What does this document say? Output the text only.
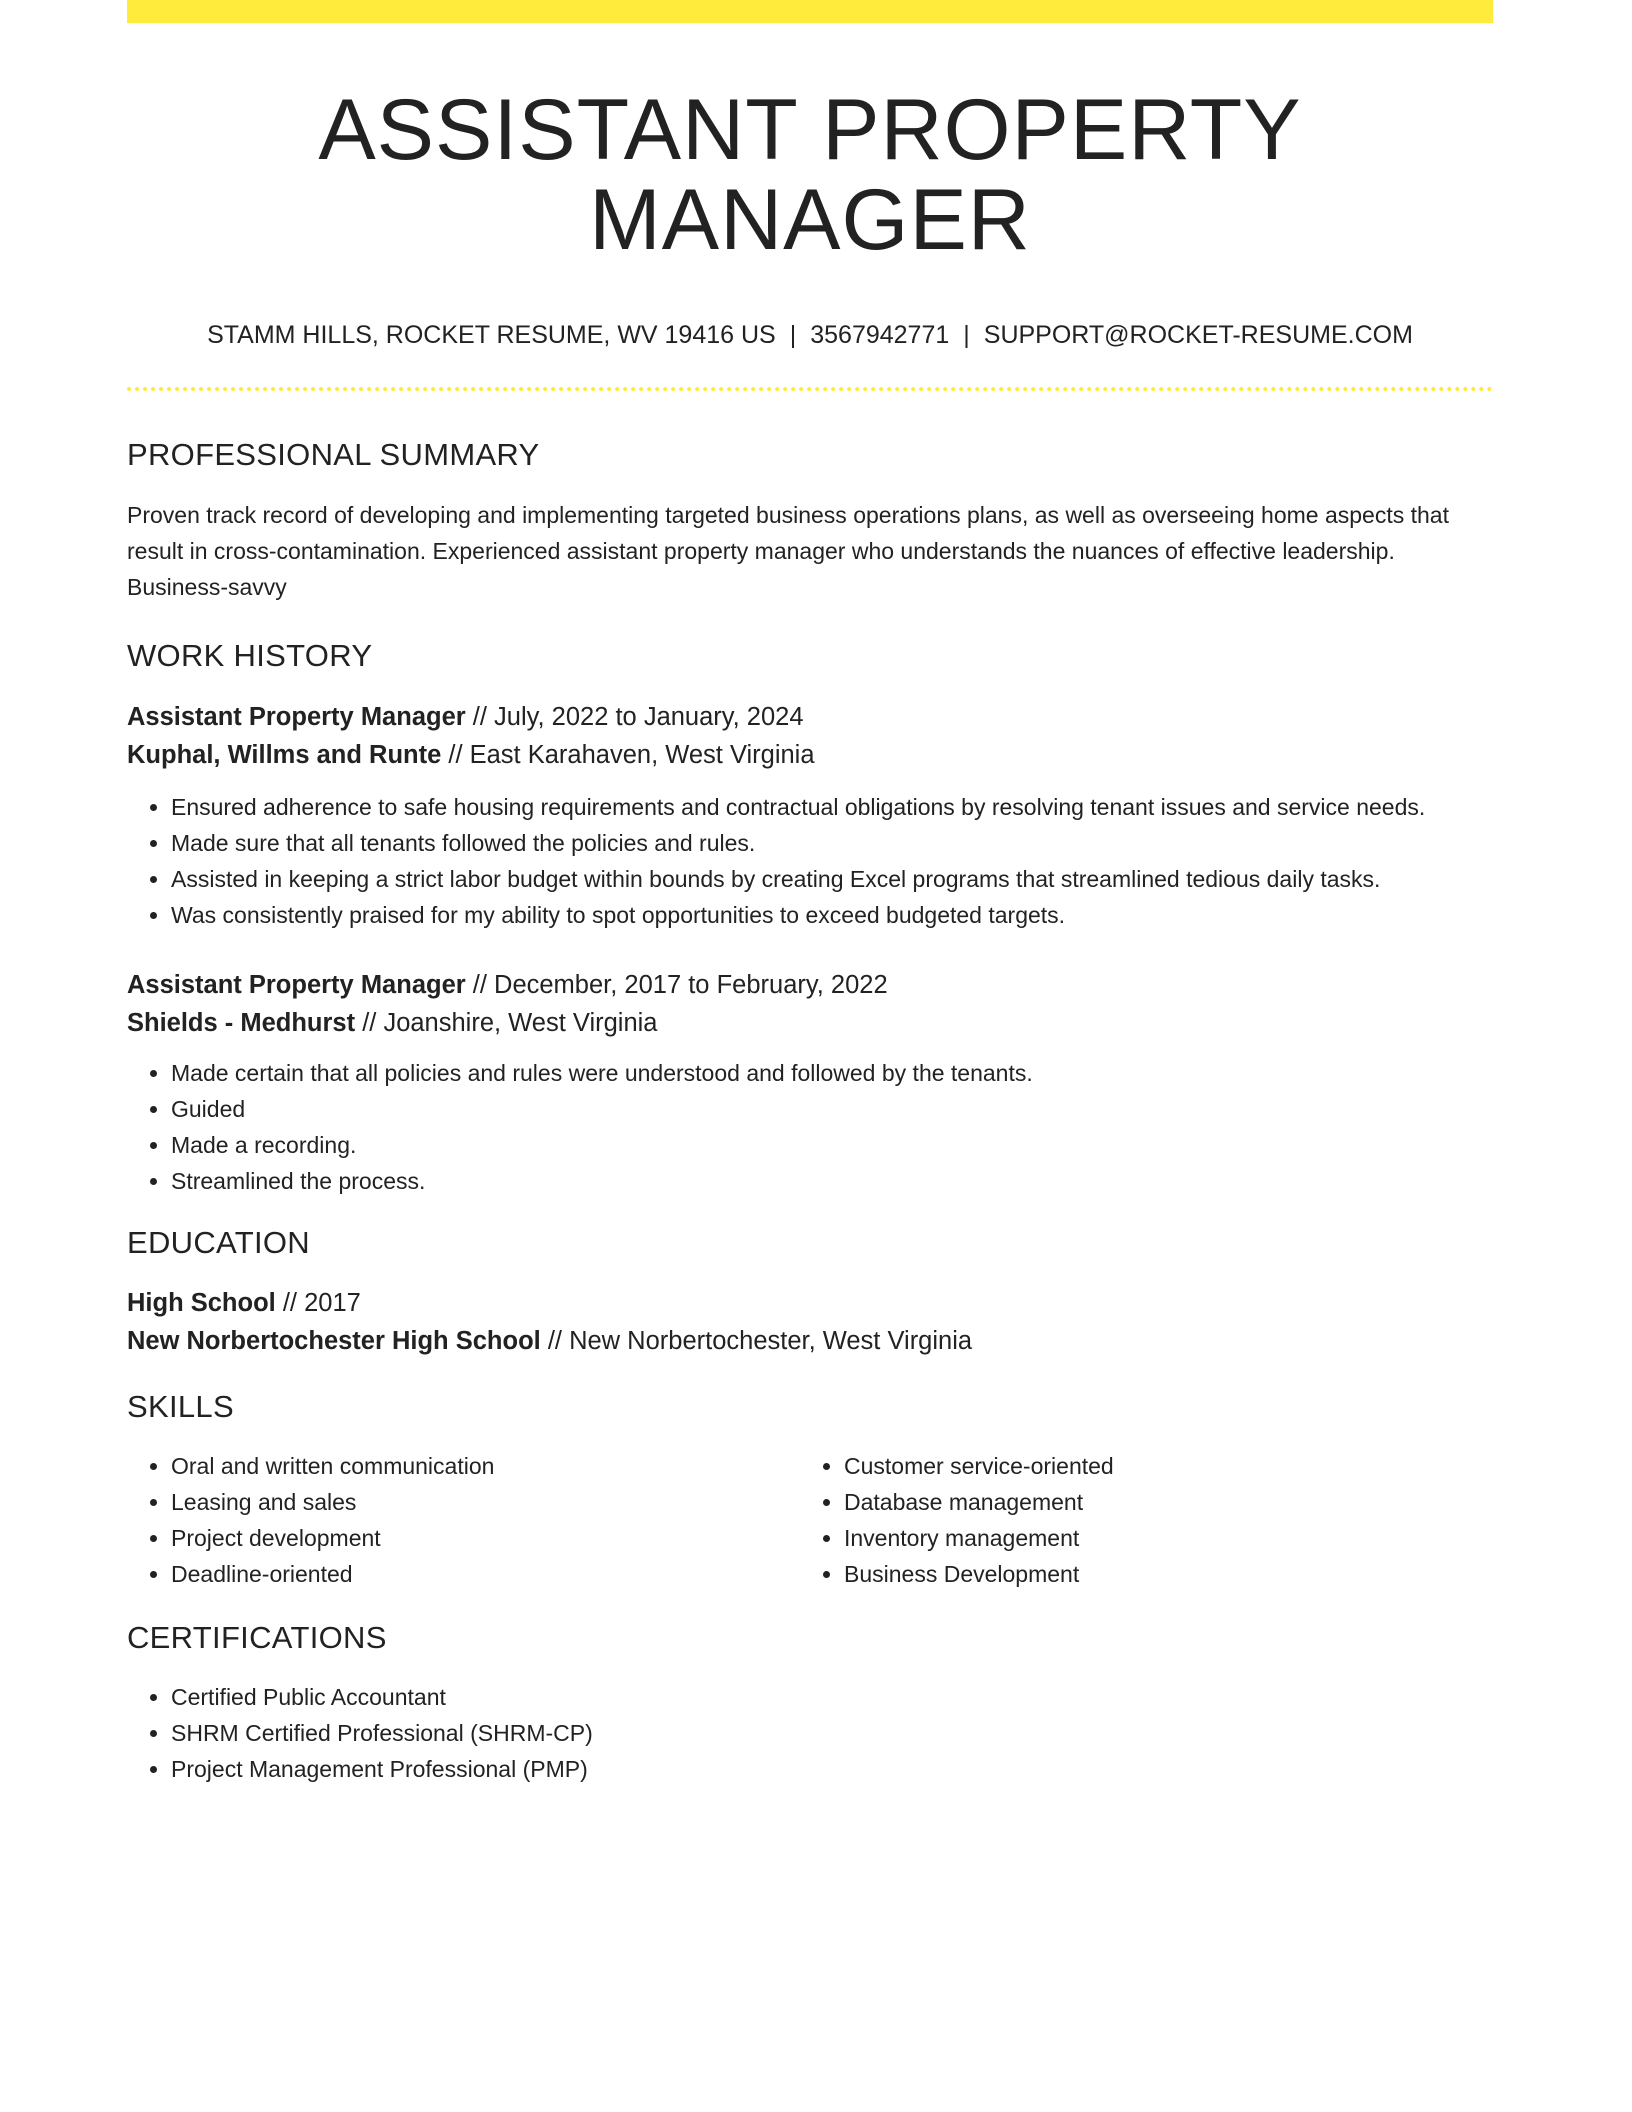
ASSISTANT PROPERTY MANAGER
STAMM HILLS, ROCKET RESUME, WV 19416 US | 3567942771 | SUPPORT@ROCKET-RESUME.COM
PROFESSIONAL SUMMARY
Proven track record of developing and implementing targeted business operations plans, as well as overseeing home aspects that result in cross-contamination. Experienced assistant property manager who understands the nuances of effective leadership. Business-savvy
WORK HISTORY
Assistant Property Manager // July, 2022 to January, 2024
Kuphal, Willms and Runte // East Karahaven, West Virginia
• Ensured adherence to safe housing requirements and contractual obligations by resolving tenant issues and service needs.
• Made sure that all tenants followed the policies and rules.
• Assisted in keeping a strict labor budget within bounds by creating Excel programs that streamlined tedious daily tasks.
• Was consistently praised for my ability to spot opportunities to exceed budgeted targets.
Assistant Property Manager // December, 2017 to February, 2022
Shields - Medhurst // Joanshire, West Virginia
• Made certain that all policies and rules were understood and followed by the tenants.
• Guided
• Made a recording.
• Streamlined the process.
EDUCATION
High School // 2017
New Norbertochester High School // New Norbertochester, West Virginia
SKILLS
• Oral and written communication
• Leasing and sales
• Project development
• Deadline-oriented
• Customer service-oriented
• Database management
• Inventory management
• Business Development
CERTIFICATIONS
• Certified Public Accountant
• SHRM Certified Professional (SHRM-CP)
• Project Management Professional (PMP)
